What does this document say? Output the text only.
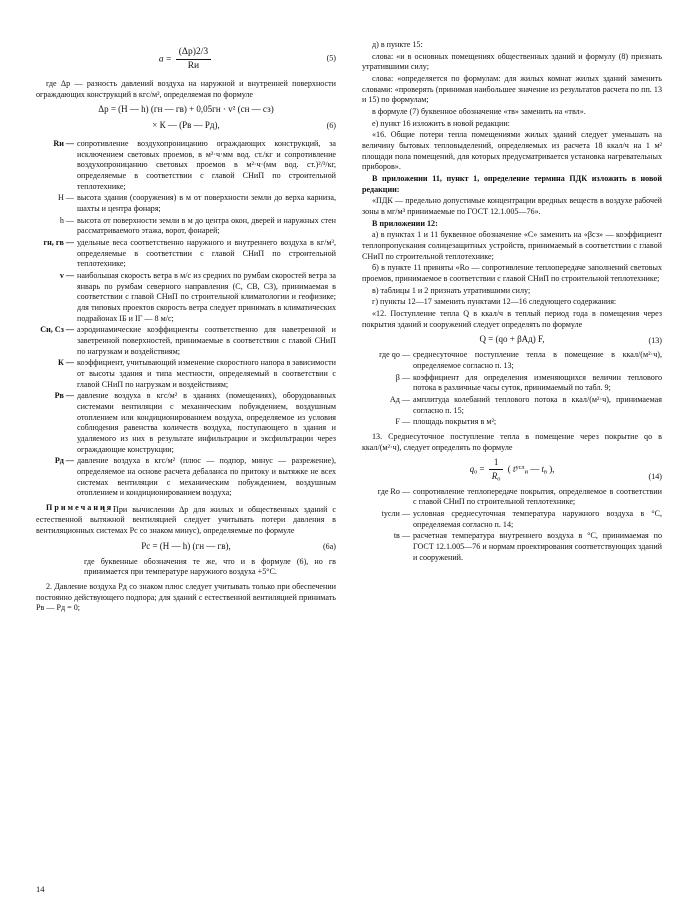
$a = \frac{(\Delta р)2/3}{Rи}$	(5)

где Δр — разность давлений воздуха на наружной и внутренней поверхности ограждающих конструкций в кгс/м², определяемая по формуле

Δр = (H — h) (гн — гв) + 0,05гн · v² (сн — сз)
× К — (Pв — Pд),	(6)
Rи — сопротивление воздухопроницанию ограждающих конструкций, за исключением световых проемов, в м²·ч·мм вод. ст./кг и сопротивление воздухопроницанию световых проемов в м²·ч·(мм вод. ст.)²/³/кг, определяемые в соответствии с главой СНиП по строительной теплотехнике;
H — высота здания (сооружения) в м от поверхности земли до верха карниза, шахты и центра фонаря;
h — высота от поверхности земли в м до центра окон, дверей и наружных стен рассматриваемого этажа, ворот, фонарей;
гн, гв — удельные веса соответственно наружного и внутреннего воздуха в кг/м³, определяемые в соответствии с главой СНиП по строительной теплотехнике;
v — наибольшая скорость ветра в м/с из средних по румбам скоростей ветра за январь по румбам северного направления (С, СВ, СЗ), принимаемая в соответствии с главой СНиП по строительной климатологии и геофизике; для типовых проектов скорость ветра следует принимать в климатических подрайонах IБ и IГ — 8 м/с;
Си, Сз — аэродинамические коэффициенты соответственно для наветренной и заветренной поверхностей, принимаемые в соответствии с главой СНиП по нагрузкам и воздействиям;
К — коэффициент, учитывающий изменение скоростного напора в зависимости от высоты здания и типа местности, определяемый в соответствии с главой СНиП по нагрузкам и воздействиям;
Pв — давление воздуха в кгс/м² в зданиях (помещениях), оборудованных системами вентиляции с механическим побуждением, воздушным отоплением или кондиционированием воздуха, определяемое из условия соблюдения равенства количеств воздуха, поступающего в здания и удаляемого из них в результате инфильтрации и эксфильтрации через ограждающие конструкции;
Pд — давление воздуха в кгс/м² (плюс — подпор, минус — разрежение), определяемое на основе расчета дебаланса по притоку и вытяжке не всех системах вентиляции с механическим побуждением, воздушным отоплением и кондиционированием воздуха;

П р и м е ч а н и я :

1. При вычислении Δр для жилых и общественных зданий с естественной вытяжной вентиляцией следует учитывать потери давления в вентиляционных системах Pс со знаком минус), определяемые по формуле

Pс = (H — h) (гн — гв),	(6а)

где буквенные обозначения те же, что и в формуле (6), но гв принимается при температуре наружного воздуха +5°C.

2. Давление воздуха Pд со знаком плюс следует учитывать только при обеспечении постоянно действующего подпора; для зданий с естественной вентиляцией принимать Pв — Pд = 0;

д) в пункте 15:

слова: «и в основных помещениях общественных зданий и формулу (8) признать утратившими силу;

слова: «определяется по формулам: для жилых комнат жилых зданий заменить словами: «проверять (принимая наибольшее значение из результатов расчета по пп. 13 и 15) по формулам;

в формуле (7) буквенное обозначение «тв» заменить на «твл».

е) пункт 16 изложить в новой редакции:

«16. Общие потери тепла помещениями жилых зданий следует уменьшать на величину бытовых тепловыделений, определяемых из расчета 18 ккал/ч на 1 м² площади пола помещений, для которых предусматривается установка нагревательных приборов».

В приложении 11, пункт 1, определение термина ПДК изложить в новой редакции:

«ПДК — предельно допустимые концентрации вредных веществ в воздухе рабочей зоны в мг/м³ принимаемые по ГОСТ 12.1.005—76».

В приложении 12:

а) в пунктах 1 и 11 буквенное обозначение «С» заменить на «βсз» — коэффициент теплопропускания солнцезащитных устройств, принимаемый в соответствии с главой СНиП по строительной теплотехнике;

б) в пункте 11 приняты «Rо — сопротивление теплопередаче заполнений световых проемов, принимаемое в соответствии с главой СНиП по строительной теплотехнике;

в) таблицы 1 и 2 признать утратившими силу;

г) пункты 12—17 заменить пунктами 12—16 следующего содержания:

«12. Поступление тепла Q в ккал/ч в теплый период года в помещения через покрытия зданий и сооружений следует определять по формуле

Q = (qо + βAд) F,	(13)
где qо — среднесуточное поступление тепла в помещение в ккал/(м²·ч), определяемое согласно п. 13;
β — коэффициент для определения изменяющихся величин теплового потока в различные часы суток, принимаемый по табл. 9;
Aд — амплитуда колебаний теплового потока в ккал/(м²·ч), принимаемая согласно п. 15;
F — площадь покрытия в м²;

13. Среднесуточное поступление тепла в помещение через покрытие qо в ккал/(м²·ч), следует определять по формуле

$q_o = \frac{1}{R_o}$ ( $t^{усл}_и$ — $t_в$ ),
(14)
где Rо — сопротивление теплопередаче покрытия, определяемое в соответствии с главой СНиП по строительной теплотехнике;
tусли — условная среднесуточная температура наружного воздуха в °С, определяемая согласно п. 14;
tв — расчетная температура внутреннего воздуха в °С, принимаемая по ГОСТ 12.1.005—76 и нормам проектирования соответствующих зданий и сооружений.
14
